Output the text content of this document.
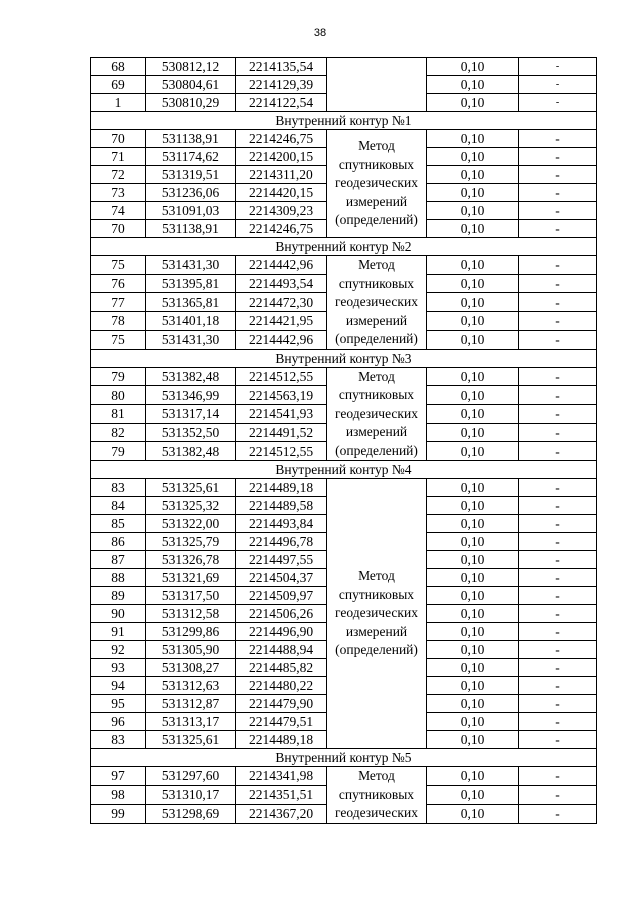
38
68	530812,12	2214135,54		0,10	-
69	530804,61	2214129,39		0,10	-
1	530810,29	2214122,54		0,10	-
Внутренний контур №1					
70	531138,91	2214246,75	Метод спутниковых геодезических измерений (определений)	0,10	-
71	531174,62	2214200,15		0,10	-
72	531319,51	2214311,20		0,10	-
73	531236,06	2214420,15		0,10	-
74	531091,03	2214309,23		0,10	-
70	531138,91	2214246,75		0,10	-
Внутренний контур №2					
75	531431,30	2214442,96	Метод спутниковых геодезических измерений (определений)	0,10	-
76	531395,81	2214493,54		0,10	-
77	531365,81	2214472,30		0,10	-
78	531401,18	2214421,95		0,10	-
75	531431,30	2214442,96		0,10	-
Внутренний контур №3					
79	531382,48	2214512,55	Метод спутниковых геодезических измерений (определений)	0,10	-
80	531346,99	2214563,19		0,10	-
81	531317,14	2214541,93		0,10	-
82	531352,50	2214491,52		0,10	-
79	531382,48	2214512,55		0,10	-
Внутренний контур №4					
83	531325,61	2214489,18	Метод спутниковых геодезических измерений (определений)	0,10	-
84	531325,32	2214489,58		0,10	-
85	531322,00	2214493,84		0,10	-
86	531325,79	2214496,78		0,10	-
87	531326,78	2214497,55		0,10	-
88	531321,69	2214504,37		0,10	-
89	531317,50	2214509,97		0,10	-
90	531312,58	2214506,26		0,10	-
91	531299,86	2214496,90		0,10	-
92	531305,90	2214488,94		0,10	-
93	531308,27	2214485,82		0,10	-
94	531312,63	2214480,22		0,10	-
95	531312,87	2214479,90		0,10	-
96	531313,17	2214479,51		0,10	-
83	531325,61	2214489,18		0,10	-
Внутренний контур №5					
97	531297,60	2214341,98	Метод спутниковых геодезических	0,10	-
98	531310,17	2214351,51		0,10	-
99	531298,69	2214367,20		0,10	-
